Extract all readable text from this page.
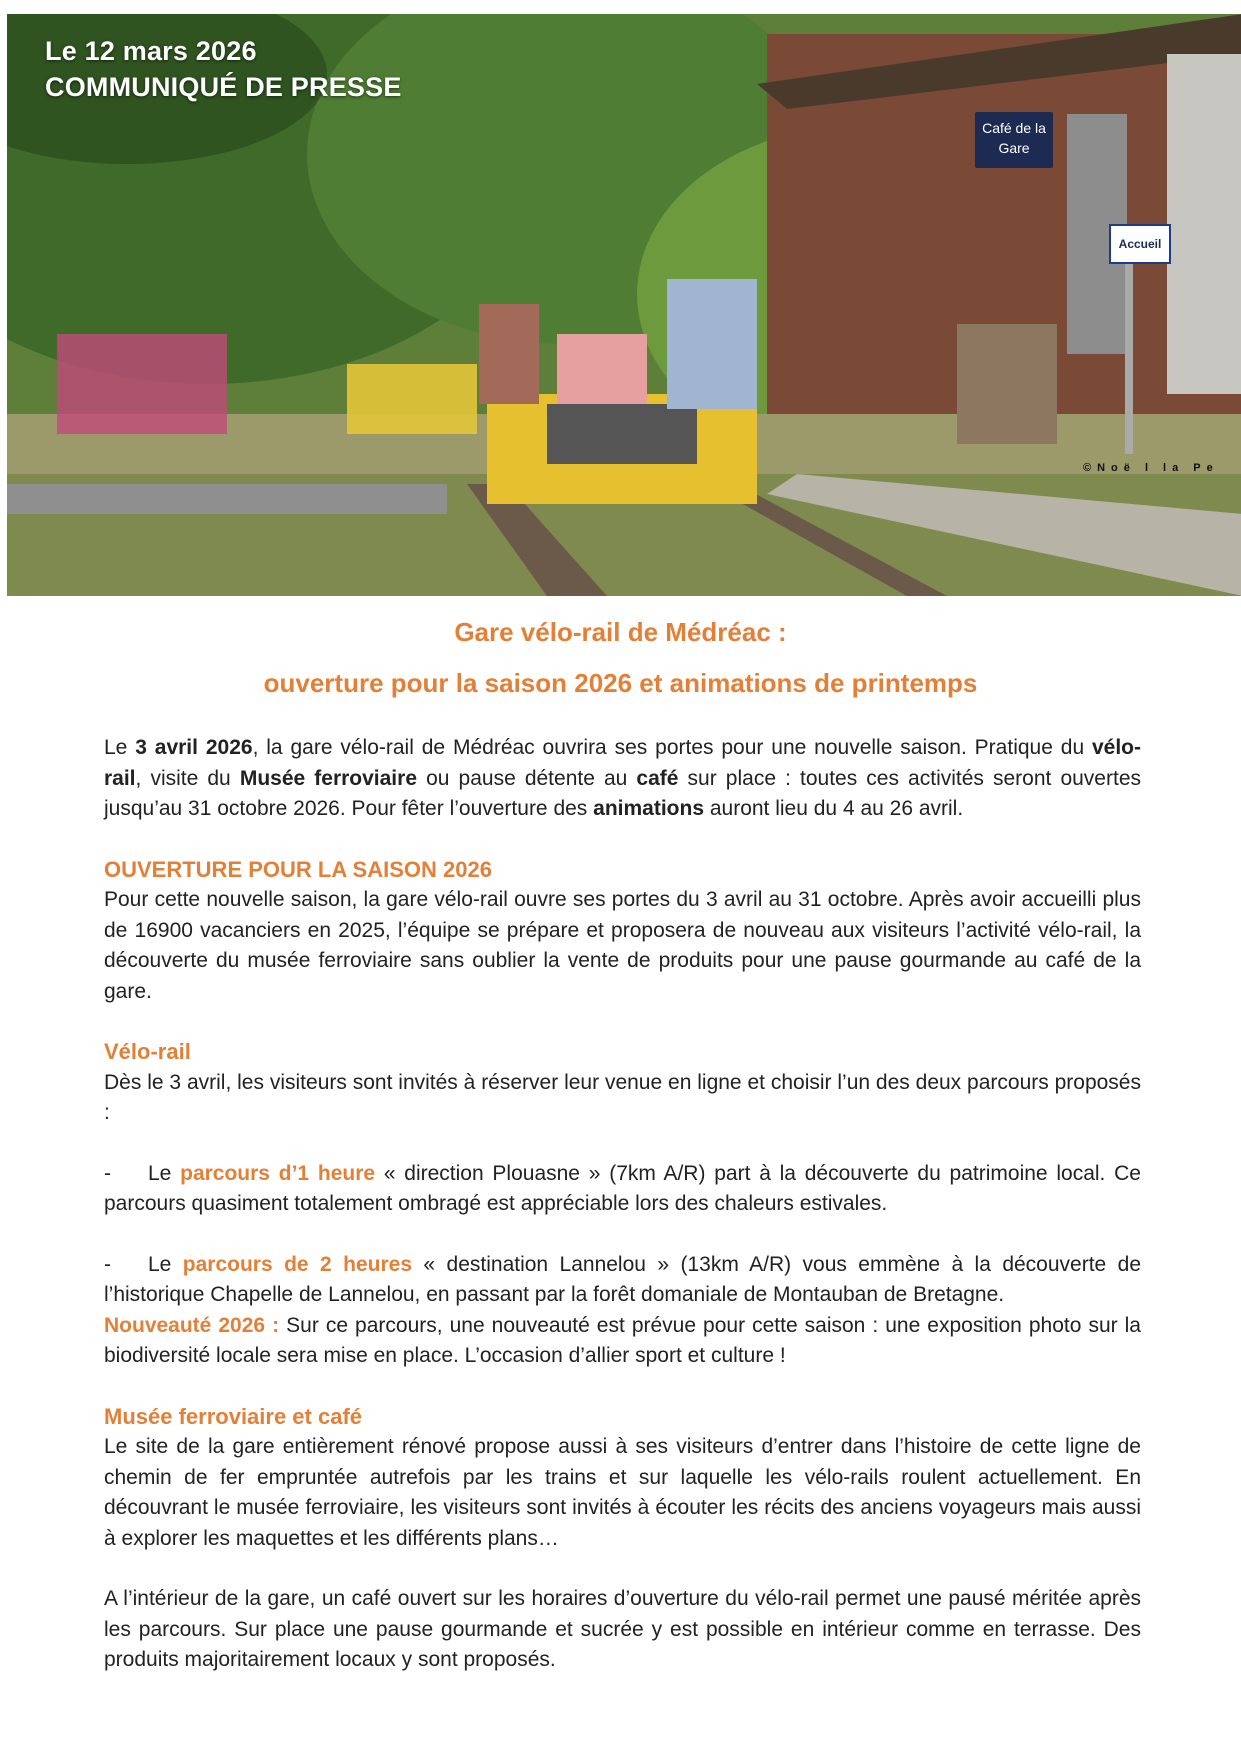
Le 12 mars 2026
COMMUNIQUÉ DE PRESSE
Café de la Gare
Accueil
©Noë l la Pe
Gare vélo-rail de Médréac :
ouverture pour la saison 2026 et animations de printemps

Le 3 avril 2026, la gare vélo-rail de Médréac ouvrira ses portes pour une nouvelle saison. Pratique du vélo-rail, visite du Musée ferroviaire ou pause détente au café sur place : toutes ces activités seront ouvertes jusqu’au 31 octobre 2026. Pour fêter l’ouverture des animations auront lieu du 4 au 26 avril.

OUVERTURE POUR LA SAISON 2026

Pour cette nouvelle saison, la gare vélo-rail ouvre ses portes du 3 avril au 31 octobre. Après avoir accueilli plus de 16900 vacanciers en 2025, l’équipe se prépare et proposera de nouveau aux visiteurs l’activité vélo-rail, la découverte du musée ferroviaire sans oublier la vente de produits pour une pause gourmande au café de la gare.

Vélo-rail

Dès le 3 avril, les visiteurs sont invités à réserver leur venue en ligne et choisir l’un des deux parcours proposés :

- Le parcours d’1 heure « direction Plouasne » (7km A/R) part à la découverte du patrimoine local. Ce parcours quasiment totalement ombragé est appréciable lors des chaleurs estivales.

- Le parcours de 2 heures « destination Lannelou » (13km A/R) vous emmène à la découverte de l’historique Chapelle de Lannelou, en passant par la forêt domaniale de Montauban de Bretagne.

Nouveauté 2026 : Sur ce parcours, une nouveauté est prévue pour cette saison : une exposition photo sur la biodiversité locale sera mise en place. L’occasion d’allier sport et culture !

Musée ferroviaire et café

Le site de la gare entièrement rénové propose aussi à ses visiteurs d’entrer dans l’histoire de cette ligne de chemin de fer empruntée autrefois par les trains et sur laquelle les vélo-rails roulent actuellement. En découvrant le musée ferroviaire, les visiteurs sont invités à écouter les récits des anciens voyageurs mais aussi à explorer les maquettes et les différents plans…

A l’intérieur de la gare, un café ouvert sur les horaires d’ouverture du vélo-rail permet une pausé méritée après les parcours. Sur place une pause gourmande et sucrée y est possible en intérieur comme en terrasse. Des produits majoritairement locaux y sont proposés.
